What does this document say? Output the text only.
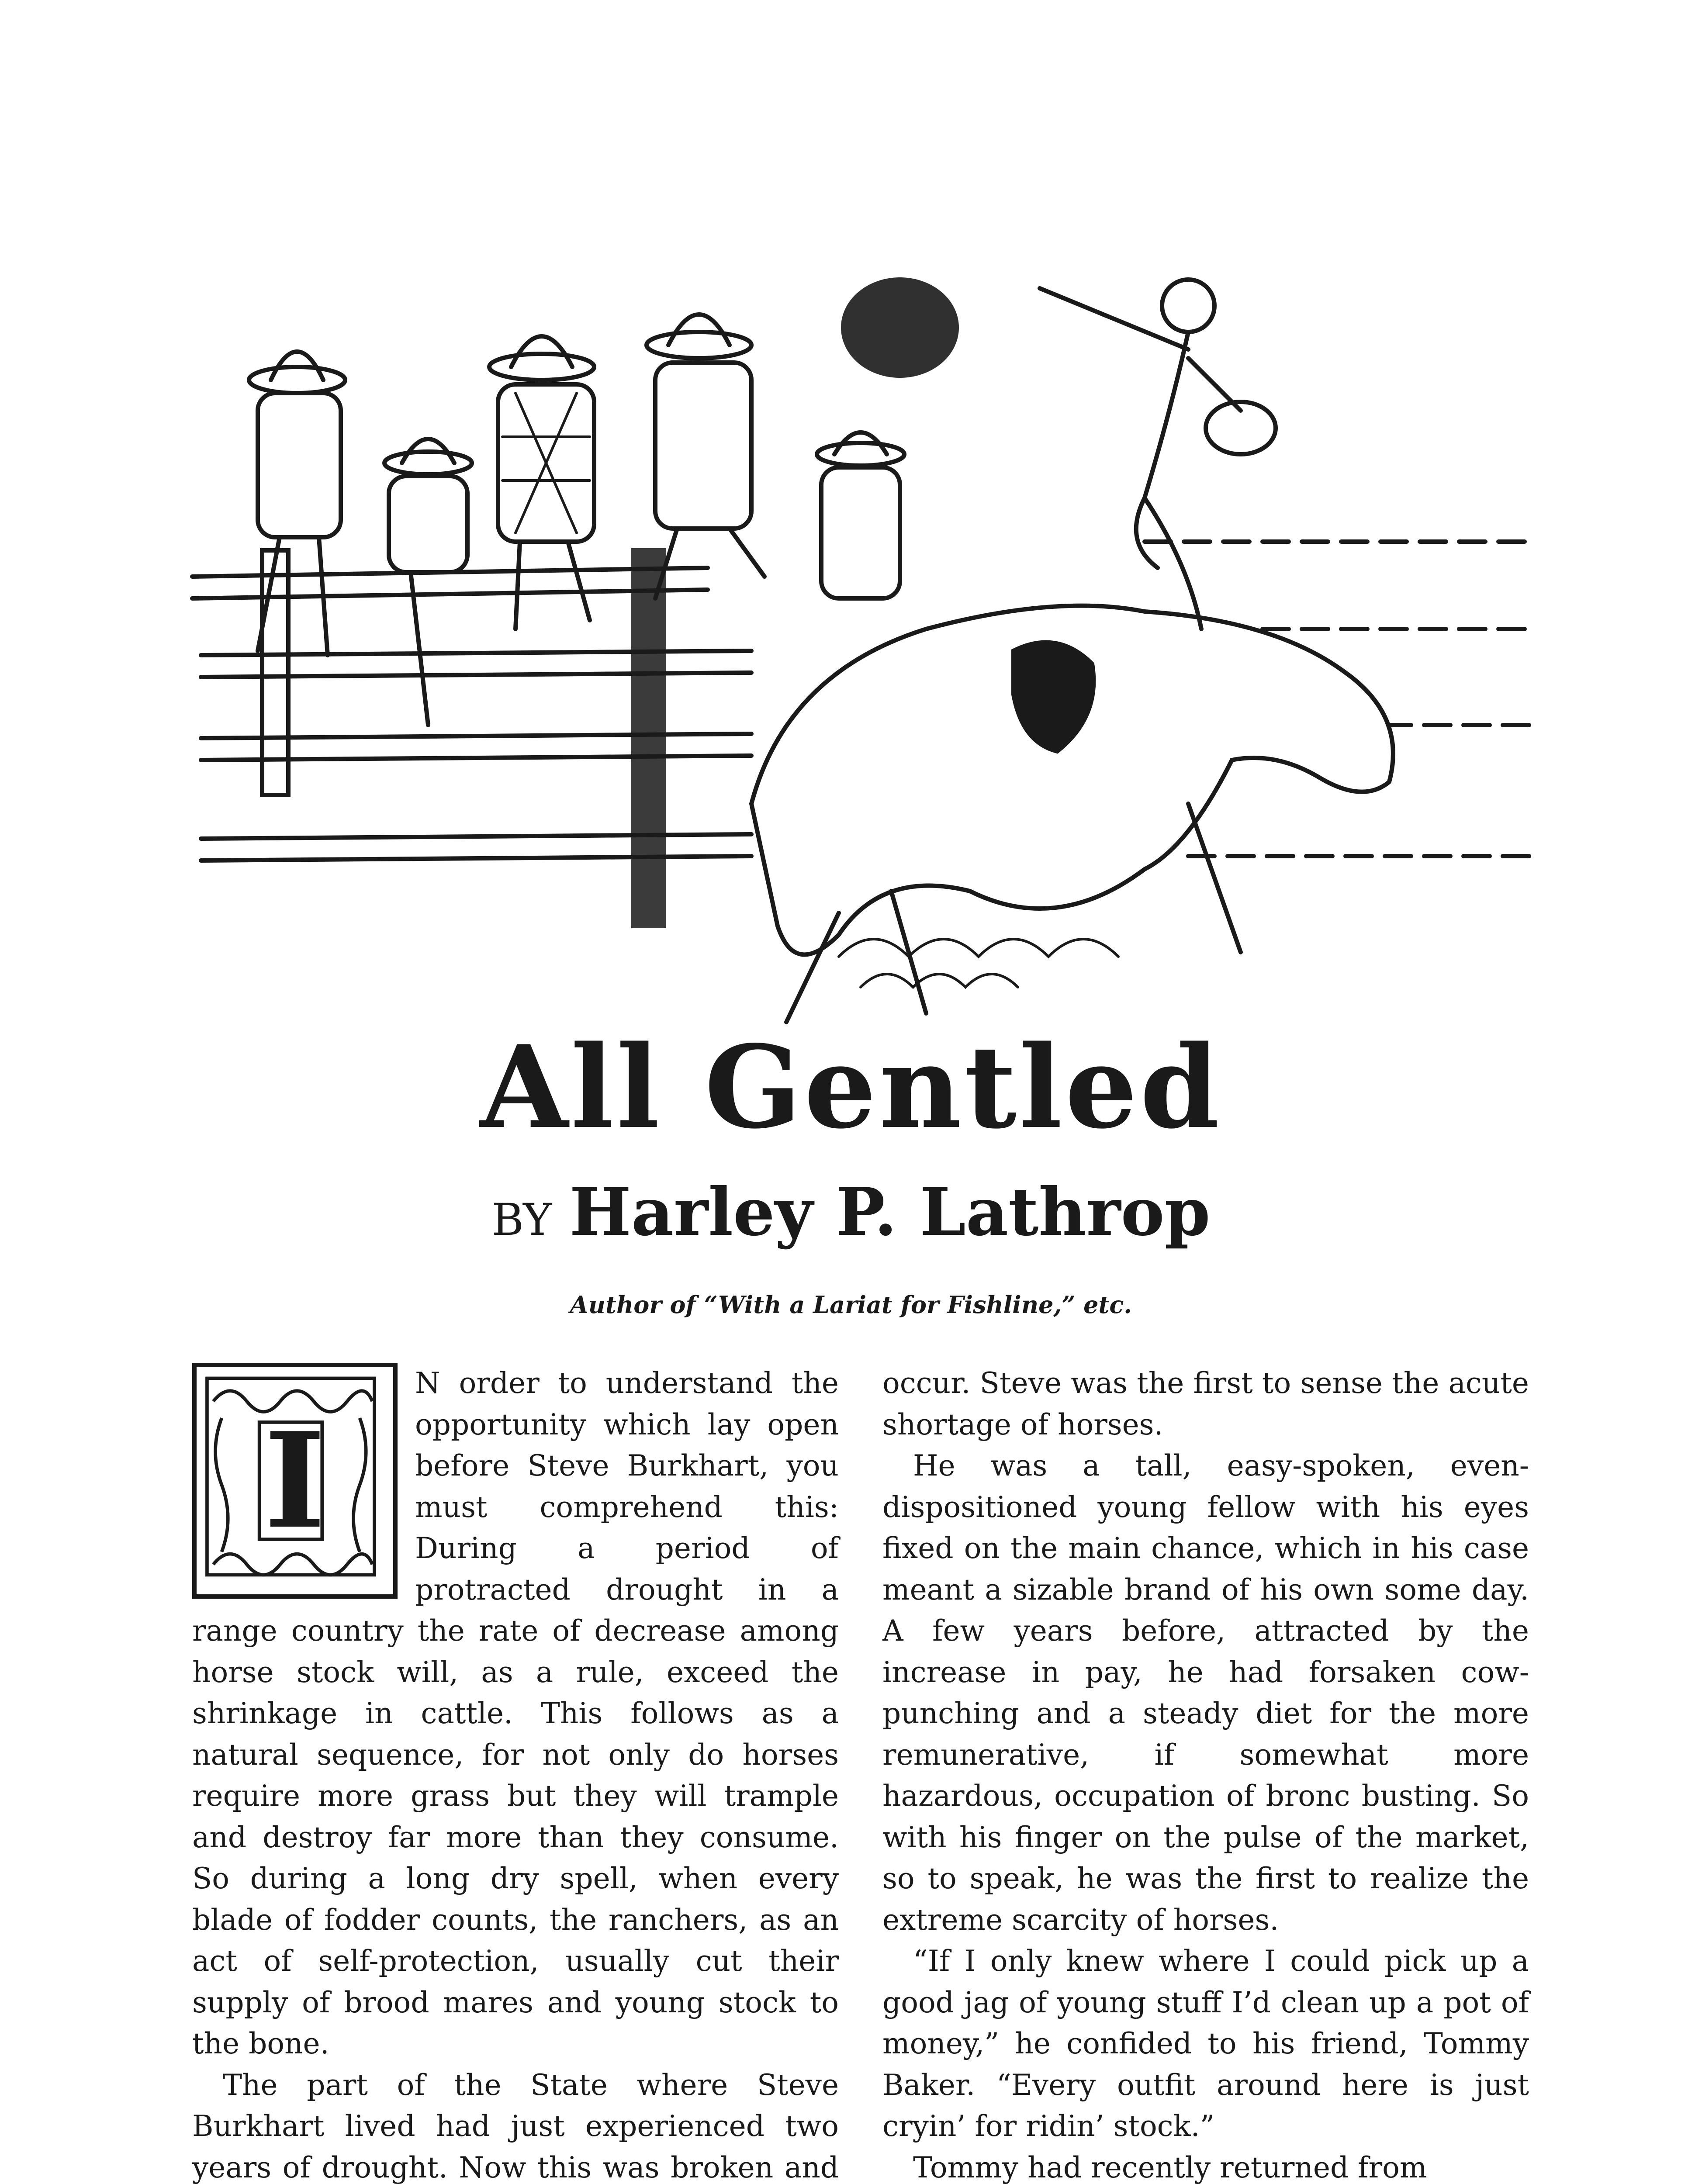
All Gentled
BY Harley P. Lathrop
Author of “With a Lariat for Fishline,” etc.
I

N order to understand the opportunity which lay open before Steve Burkhart, you must comprehend this: During a period of protracted drought in a range country the rate of decrease among horse stock will, as a rule, exceed the shrinkage in cattle. This follows as a natural sequence, for not only do horses require more grass but they will trample and destroy far more than they consume. So during a long dry spell, when every blade of fodder counts, the ranchers, as an act of self-protection, usually cut their supply of brood mares and young stock to the bone.

The part of the State where Steve Burkhart lived had just experienced two years of drought. Now this was broken and

occur. Steve was the first to sense the acute shortage of horses.

He was a tall, easy-spoken, even-dispositioned young fellow with his eyes fixed on the main chance, which in his case meant a sizable brand of his own some day. A few years before, attracted by the increase in pay, he had forsaken cow-punching and a steady diet for the more remunerative, if somewhat more hazardous, occupation of bronc busting. So with his finger on the pulse of the market, so to speak, he was the first to realize the extreme scarcity of horses.

“If I only knew where I could pick up a good jag of young stuff I’d clean up a pot of money,” he confided to his friend, Tommy Baker. “Every outfit around here is just cryin’ for ridin’ stock.”

Tommy had recently returned from
